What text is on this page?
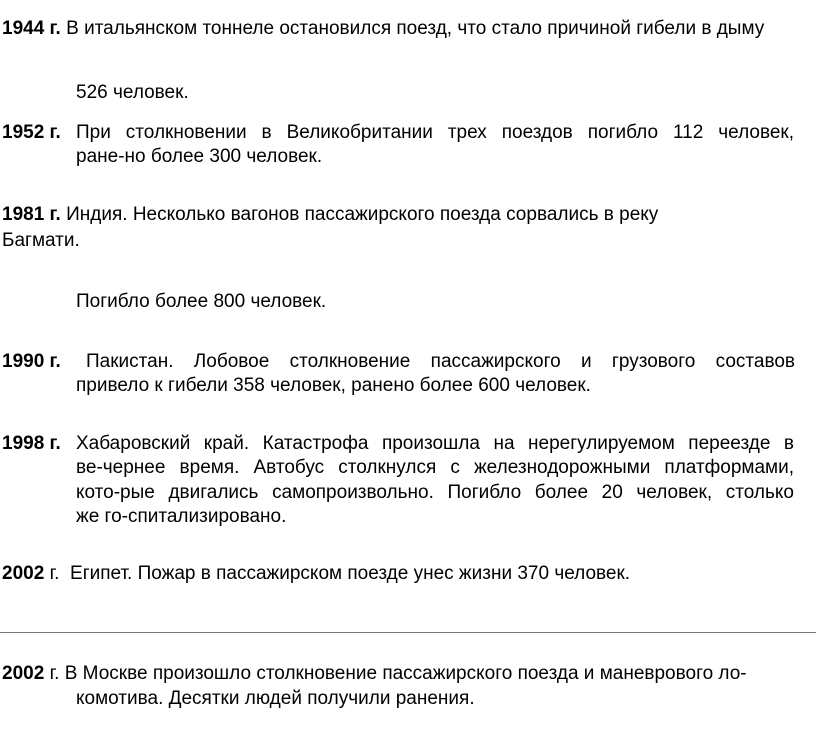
1944 г. В итальянском тоннеле остановился поезд, что стало причиной гибели в дыму
526 человек.
1952 г. При столкновении в Великобритании трех поездов погибло 112 человек,
ране-но более 300 человек.
1981 г. Индия. Несколько вагонов пассажирского поезда сорвались в реку
Багмати.
Погибло более 800 человек.
1990 г. Пакистан. Лобовое столкновение пассажирского и грузового составов
привело к гибели 358 человек, ранено более 600 человек.
1998 г. Хабаровский край. Катастрофа произошла на нерегулируемом переезде в
ве-чернее время. Автобус столкнулся с железнодорожными платформами,
кото-рые двигались самопроизвольно. Погибло более 20 человек, столько
же го-спитализировано.
2002 г. Египет. Пожар в пассажирском поезде унес жизни 370 человек.
2002 г. В Москве произошло столкновение пассажирского поезда и маневрового ло-
комотива. Десятки людей получили ранения.
